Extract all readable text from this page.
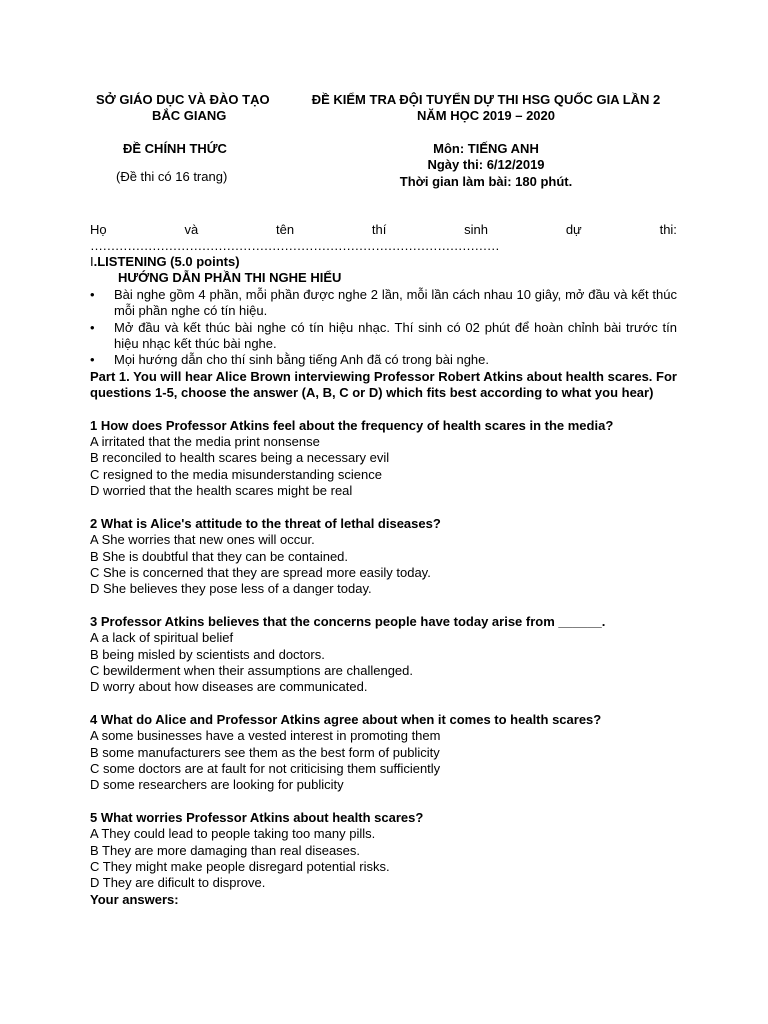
SỞ GIÁO DỤC VÀ ĐÀO TẠO
BẮC GIANG
ĐỀ CHÍNH THỨC
(Đề thi có 16 trang)
ĐỀ KIỂM TRA ĐỘI TUYỂN DỰ THI HSG QUỐC GIA LẦN 2
NĂM HỌC 2019 – 2020
Môn: TIẾNG ANH
Ngày thi: 6/12/2019
Thời gian làm bài: 180 phút.
Họ	và	tên	thí	sinh	dự	thi:
………………………………………………………………………………………
I.LISTENING (5.0 points)
HƯỚNG DẪN PHẦN THI NGHE HIỂU
• Bài nghe gồm 4 phần, mỗi phần được nghe 2 lần, mỗi lần cách nhau 10 giây, mở đầu và kết thúc mỗi phần nghe có tín hiệu.
• Mở đầu và kết thúc bài nghe có tín hiệu nhạc. Thí sinh có 02 phút để hoàn chỉnh bài trước tín hiệu nhạc kết thúc bài nghe.
• Mọi hướng dẫn cho thí sinh bằng tiếng Anh đã có trong bài nghe.
Part 1. You will hear Alice Brown interviewing Professor Robert Atkins about health scares. For questions 1-5, choose the answer (A, B, C or D) which fits best according to what you hear)
1 How does Professor Atkins feel about the frequency of health scares in the media?
A irritated that the media print nonsense
B reconciled to health scares being a necessary evil
C resigned to the media misunderstanding science
D worried that the health scares might be real
2 What is Alice's attitude to the threat of lethal diseases?
A She worries that new ones will occur.
B She is doubtful that they can be contained.
C She is concerned that they are spread more easily today.
D She believes they pose less of a danger today.
3 Professor Atkins believes that the concerns people have today arise from ______.
A a lack of spiritual belief
B being misled by scientists and doctors.
C bewilderment when their assumptions are challenged.
D worry about how diseases are communicated.
4 What do Alice and Professor Atkins agree about when it comes to health scares?
A some businesses have a vested interest in promoting them
B some manufacturers see them as the best form of publicity
C some doctors are at fault for not criticising them sufficiently
D some researchers are looking for publicity
5 What worries Professor Atkins about health scares?
A They could lead to people taking too many pills.
B They are more damaging than real diseases.
C They might make people disregard potential risks.
D They are dificult to disprove.
Your answers:
